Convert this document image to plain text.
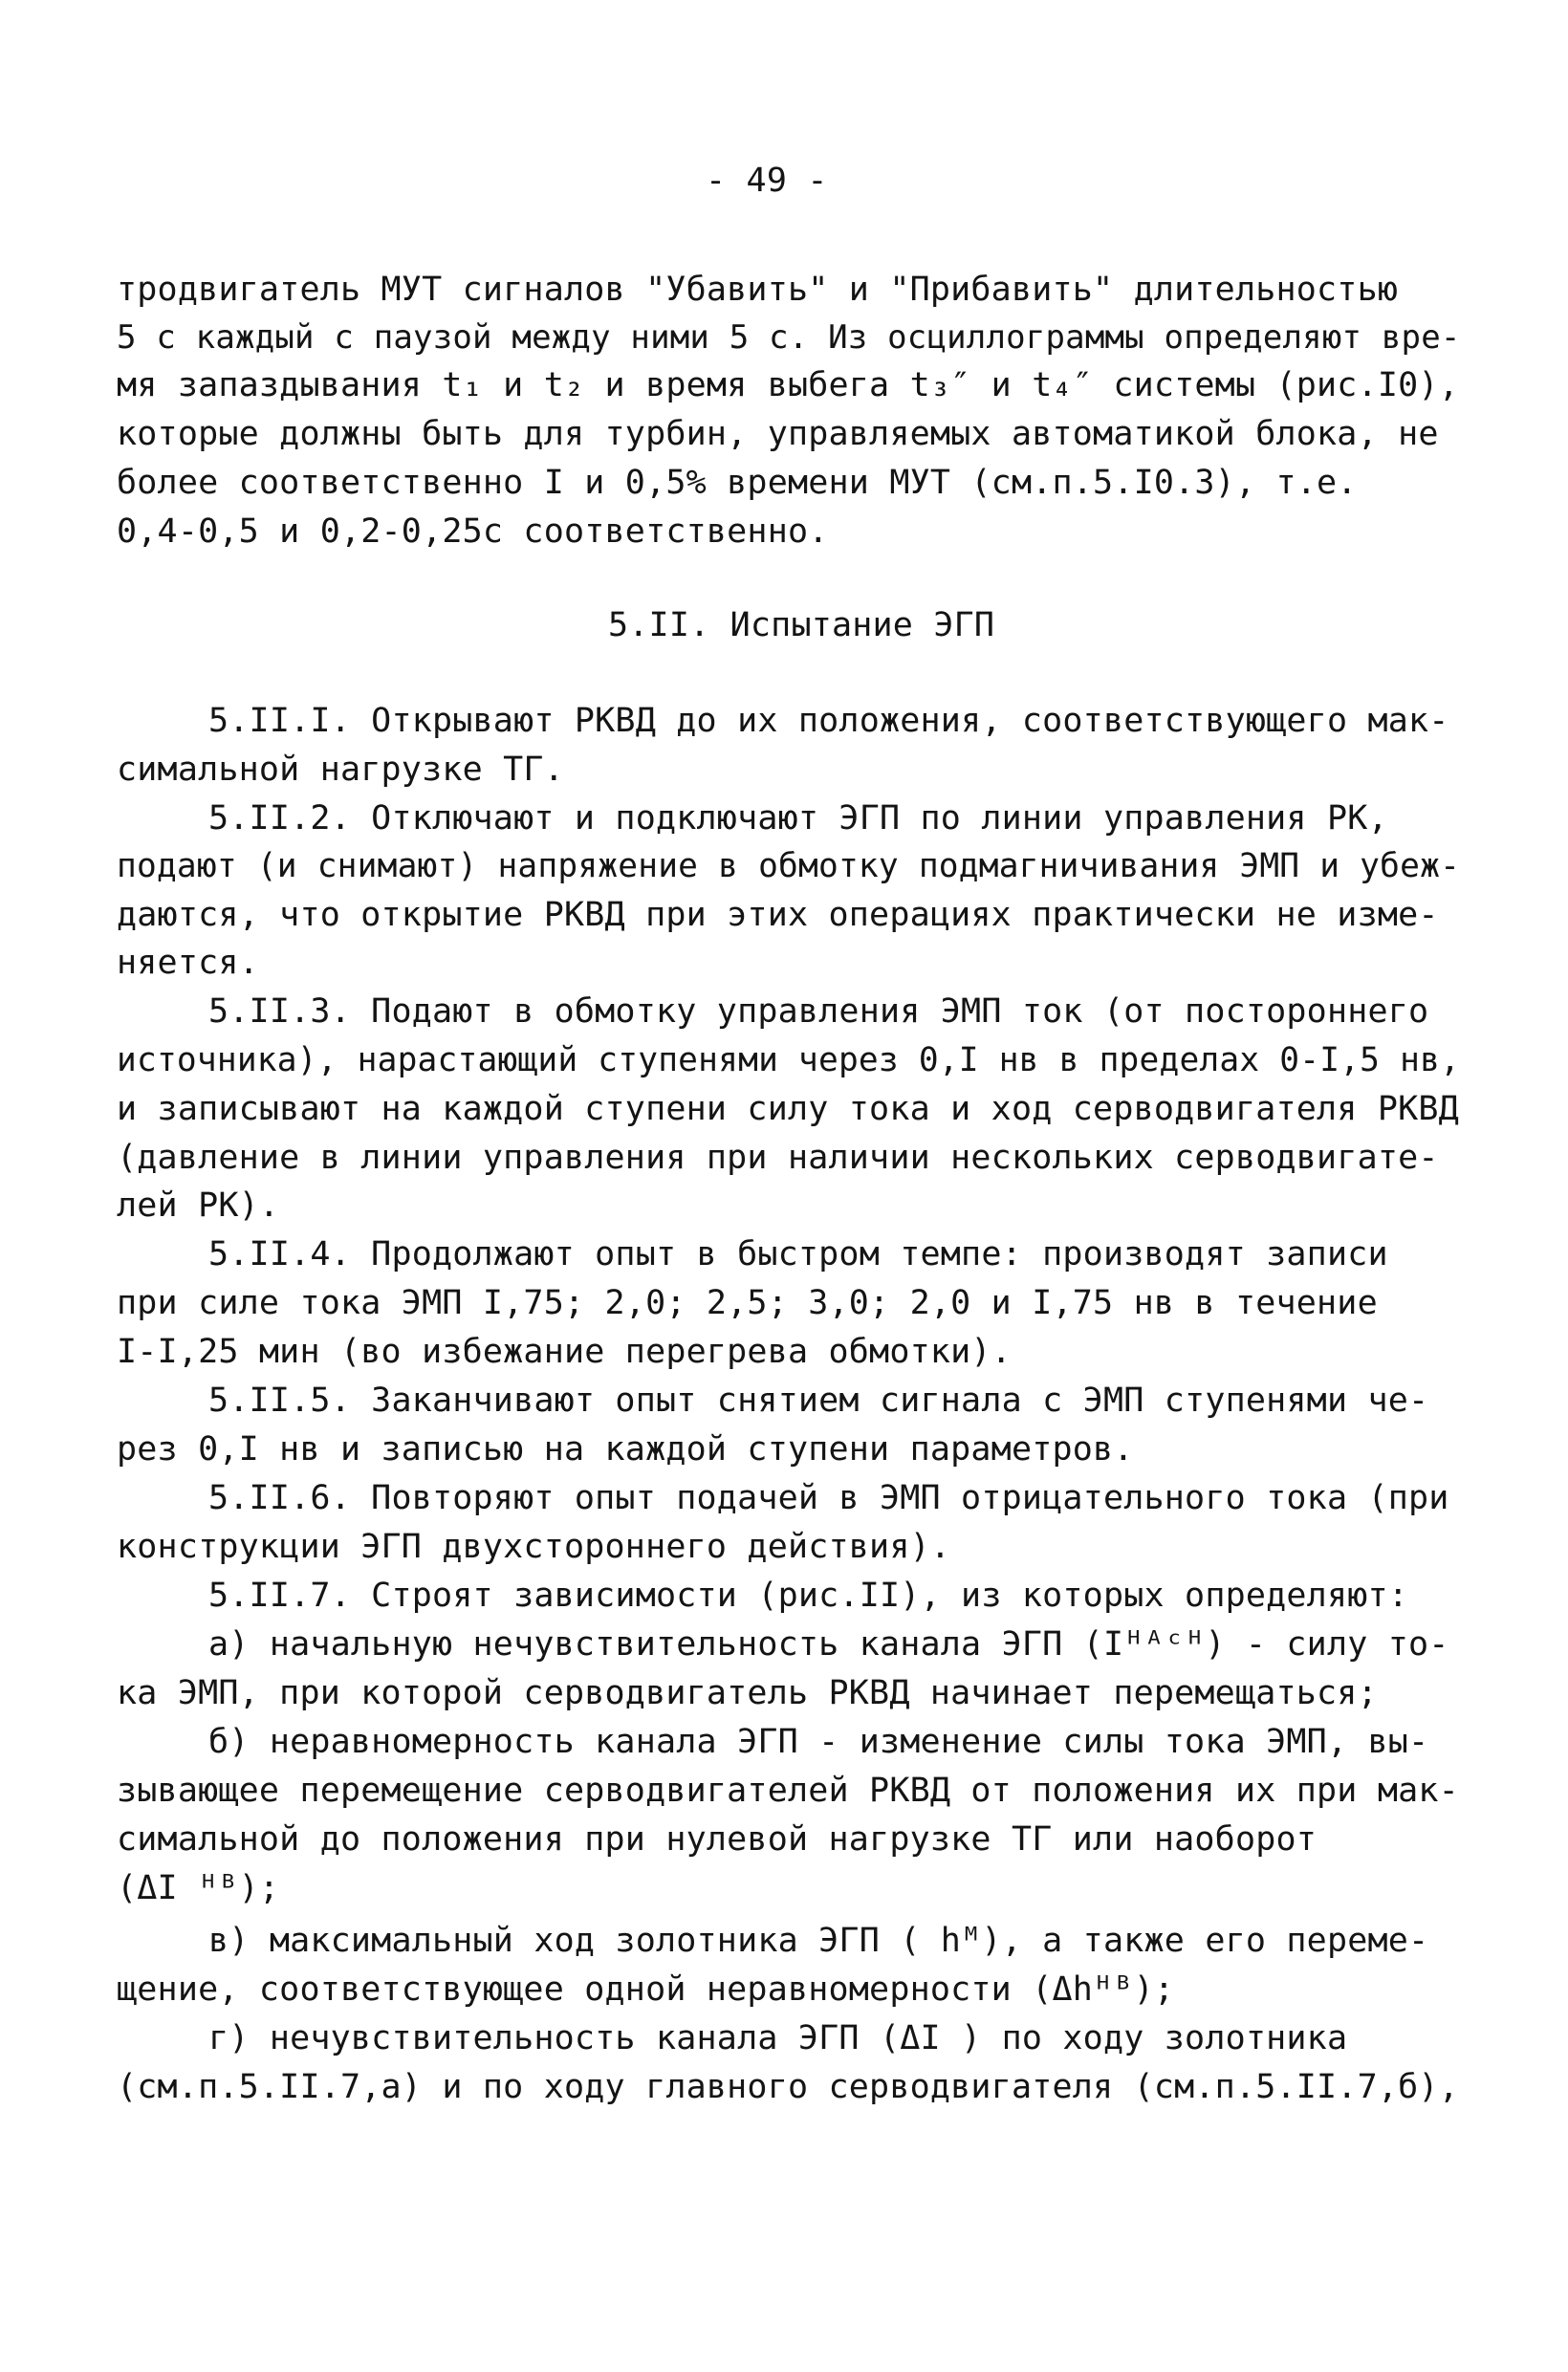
- 49 -
тродвигатель МУТ сигналов "Убавить" и "Прибавить" длительностью
5 с каждый с паузой между ними 5 с. Из осциллограммы определяют вре-
мя запаздывания t₁ и t₂ и время выбега t₃″ и t₄″ системы (рис.I0),
которые должны быть для турбин, управляемых автоматикой блока, не
более соответственно I и 0,5% времени МУТ (см.п.5.I0.3), т.е.
0,4-0,5 и 0,2-0,25с соответственно.
5.II. Испытание ЭГП
5.II.I. Открывают РКВД до их положения, соответствующего мак-
симальной нагрузке ТГ.
5.II.2. Отключают и подключают ЭГП по линии управления РК,
подают (и снимают) напряжение в обмотку подмагничивания ЭМП и убеж-
даются, что открытие РКВД при этих операциях практически не изме-
няется.
5.II.3. Подают в обмотку управления ЭМП ток (от постороннего
источника), нарастающий ступенями через 0,I нв в пределах 0-I,5 нв,
и записывают на каждой ступени силу тока и ход серводвигателя РКВД
(давление в линии управления при наличии нескольких серводвигате-
лей РК).
5.II.4. Продолжают опыт в быстром темпе: производят записи
при силе тока ЭМП I,75; 2,0; 2,5; 3,0; 2,0 и I,75 нв в течение
I-I,25 мин (во избежание перегрева обмотки).
5.II.5. Заканчивают опыт снятием сигнала с ЭМП ступенями че-
рез 0,I нв и записью на каждой ступени параметров.
5.II.6. Повторяют опыт подачей в ЭМП отрицательного тока (при
конструкции ЭГП двухстороннего действия).
5.II.7. Строят зависимости (рис.II), из которых определяют:
а) начальную нечувствительность канала ЭГП (Iᴴᴬᶜᴴ) - силу то-
ка ЭМП, при которой серводвигатель РКВД начинает перемещаться;
б) неравномерность канала ЭГП - изменение силы тока ЭМП, вы-
зывающее перемещение серводвигателей РКВД от положения их при мак-
симальной до положения при нулевой нагрузке ТГ или наоборот
(ΔI ᴴᴮ);
в) максимальный ход золотника ЭГП ( hᴹ), а также его переме-
щение, соответствующее одной неравномерности (Δhᴴᴮ);
г) нечувствительность канала ЭГП (ΔI ) по ходу золотника
(см.п.5.II.7,а) и по ходу главного серводвигателя (см.п.5.II.7,б),
